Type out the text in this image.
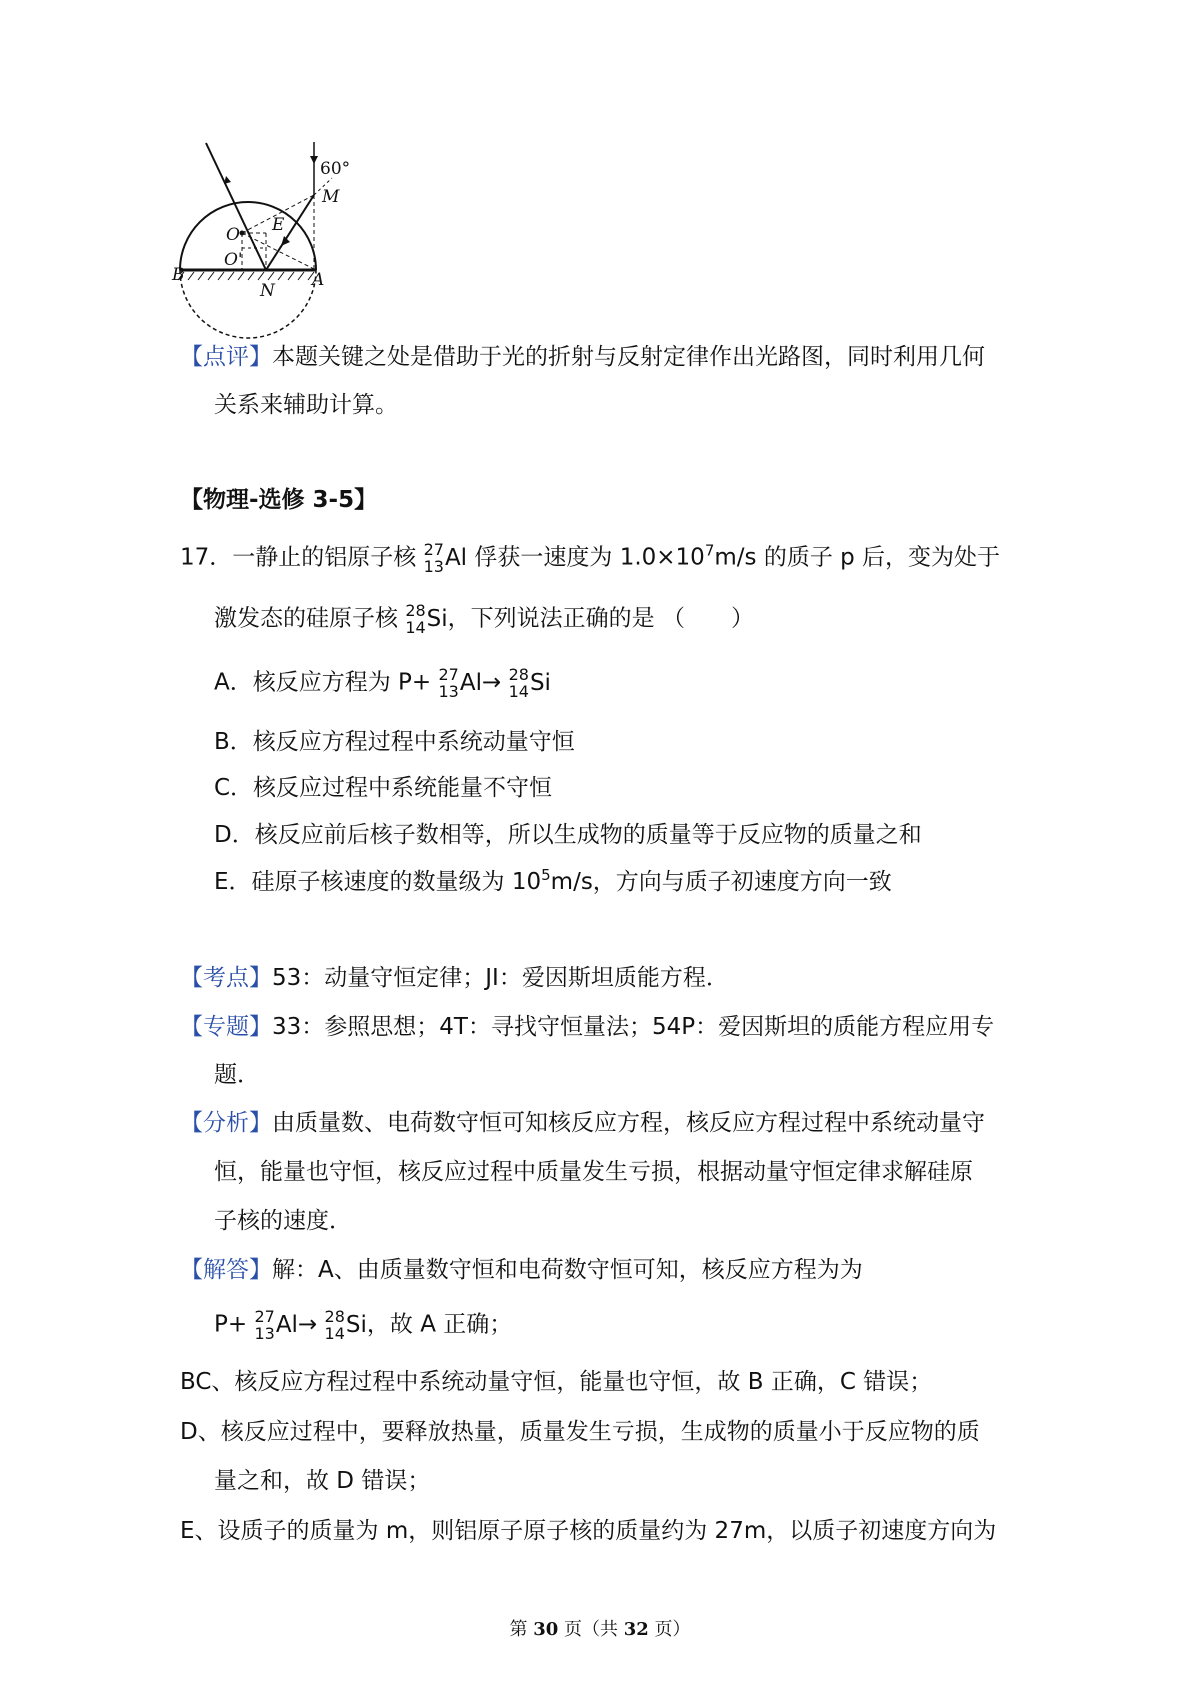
60°
M
E
O
O'
B
N
A
【点评】本题关键之处是借助于光的折射与反射定律作出光路图，同时利用几何
关系来辅助计算。
【物理-选修 3-5】
17．一静止的铝原子核 27
13 Al 俘获一速度为 $1.0\times 10^7m/s$ 的质子 p 后，变为处于
激发态的硅原子核 28
14 Si，下列说法正确的是 （　　）
A．核反应方程为 P+ 27
13 Al→ 28
14 Si
B．核反应方程过程中系统动量守恒
C．核反应过程中系统能量不守恒
D．核反应前后核子数相等，所以生成物的质量等于反应物的质量之和
E．硅原子核速度的数量级为 $10^5m/s$，方向与质子初速度方向一致
【考点】53：动量守恒定律；JI：爱因斯坦质能方程．
【专题】33：参照思想；4T：寻找守恒量法；54P：爱因斯坦的质能方程应用专
题．
【分析】由质量数、电荷数守恒可知核反应方程，核反应方程过程中系统动量守
恒，能量也守恒，核反应过程中质量发生亏损，根据动量守恒定律求解硅原
子核的速度．
【解答】解：A、由质量数守恒和电荷数守恒可知，核反应方程为为
P+ 27
13 Al→ 28
14 Si，故 A 正确；
BC、核反应方程过程中系统动量守恒，能量也守恒，故 B 正确，C 错误；
D、核反应过程中，要释放热量，质量发生亏损，生成物的质量小于反应物的质
量之和，故 D 错误；
E、设质子的质量为 m，则铝原子原子核的质量约为 27m，以质子初速度方向为
第 30 页（共 32 页）
